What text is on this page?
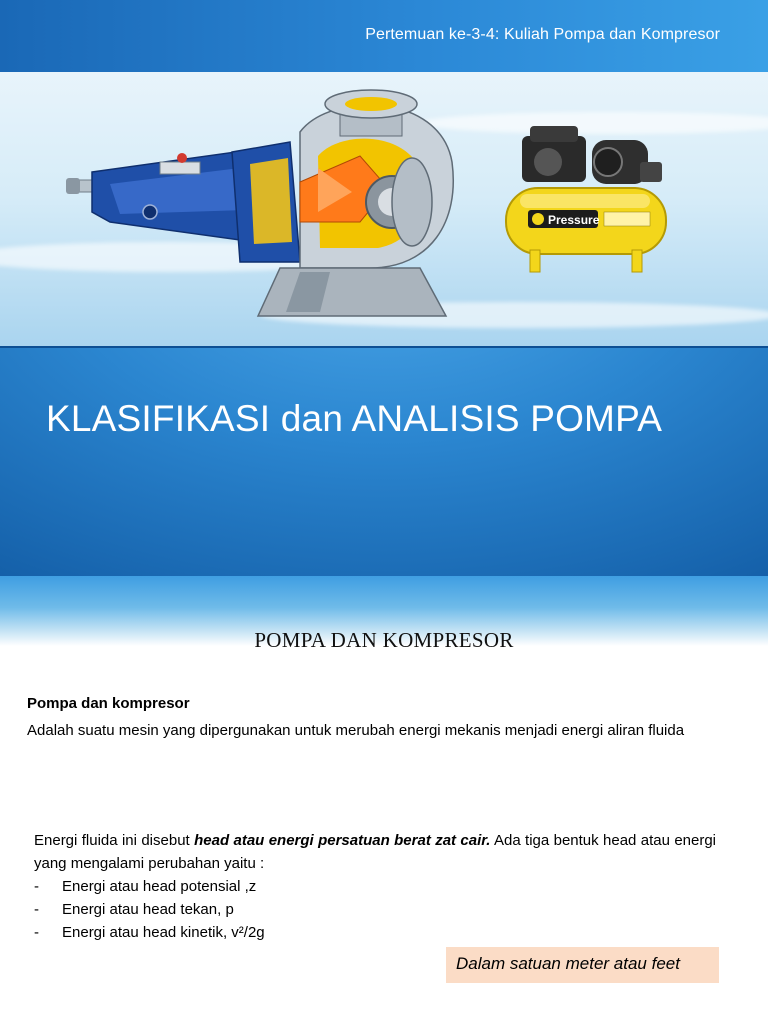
Pertemuan ke-3-4: Kuliah Pompa dan Kompresor
Pressure
KLASIFIKASI dan ANALISIS POMPA
POMPA DAN KOMPRESOR
Pompa dan kompresor
Adalah suatu mesin yang dipergunakan untuk merubah energi mekanis menjadi energi aliran fluida
Energi fluida ini disebut head atau energi persatuan berat zat cair. Ada tiga bentuk head atau energi yang mengalami perubahan yaitu :
- Energi atau head potensial ,z
- Energi atau head tekan, p
- Energi atau head kinetik, v²/2g
Dalam satuan meter atau feet
